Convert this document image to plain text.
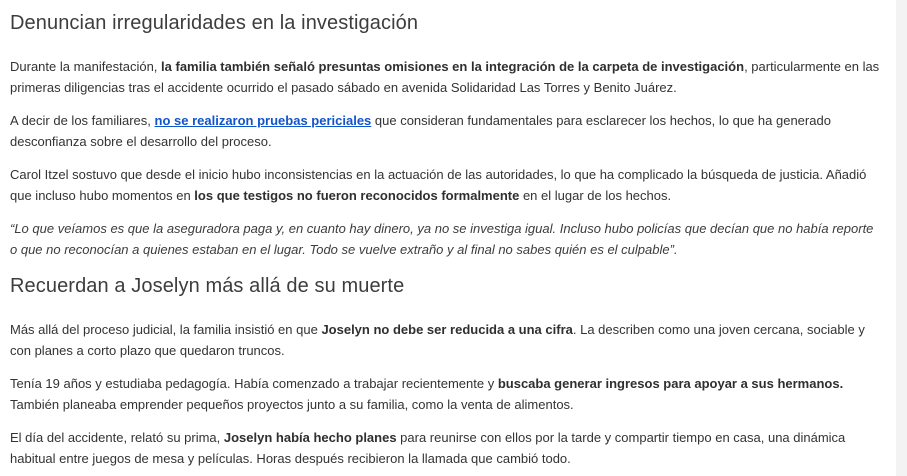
Denuncian irregularidades en la investigación

Durante la manifestación, la familia también señaló presuntas omisiones en la integración de la carpeta de investigación, particularmente en las primeras diligencias tras el accidente ocurrido el pasado sábado en avenida Solidaridad Las Torres y Benito Juárez.

A decir de los familiares, no se realizaron pruebas periciales que consideran fundamentales para esclarecer los hechos, lo que ha generado desconfianza sobre el desarrollo del proceso.

Carol Itzel sostuvo que desde el inicio hubo inconsistencias en la actuación de las autoridades, lo que ha complicado la búsqueda de justicia. Añadió que incluso hubo momentos en los que testigos no fueron reconocidos formalmente en el lugar de los hechos.

“Lo que veíamos es que la aseguradora paga y, en cuanto hay dinero, ya no se investiga igual. Incluso hubo policías que decían que no había reporte o que no reconocían a quienes estaban en el lugar. Todo se vuelve extraño y al final no sabes quién es el culpable”.

Recuerdan a Joselyn más allá de su muerte

Más allá del proceso judicial, la familia insistió en que Joselyn no debe ser reducida a una cifra. La describen como una joven cercana, sociable y con planes a corto plazo que quedaron truncos.

Tenía 19 años y estudiaba pedagogía. Había comenzado a trabajar recientemente y buscaba generar ingresos para apoyar a sus hermanos. También planeaba emprender pequeños proyectos junto a su familia, como la venta de alimentos.

El día del accidente, relató su prima, Joselyn había hecho planes para reunirse con ellos por la tarde y compartir tiempo en casa, una dinámica habitual entre juegos de mesa y películas. Horas después recibieron la llamada que cambió todo.
